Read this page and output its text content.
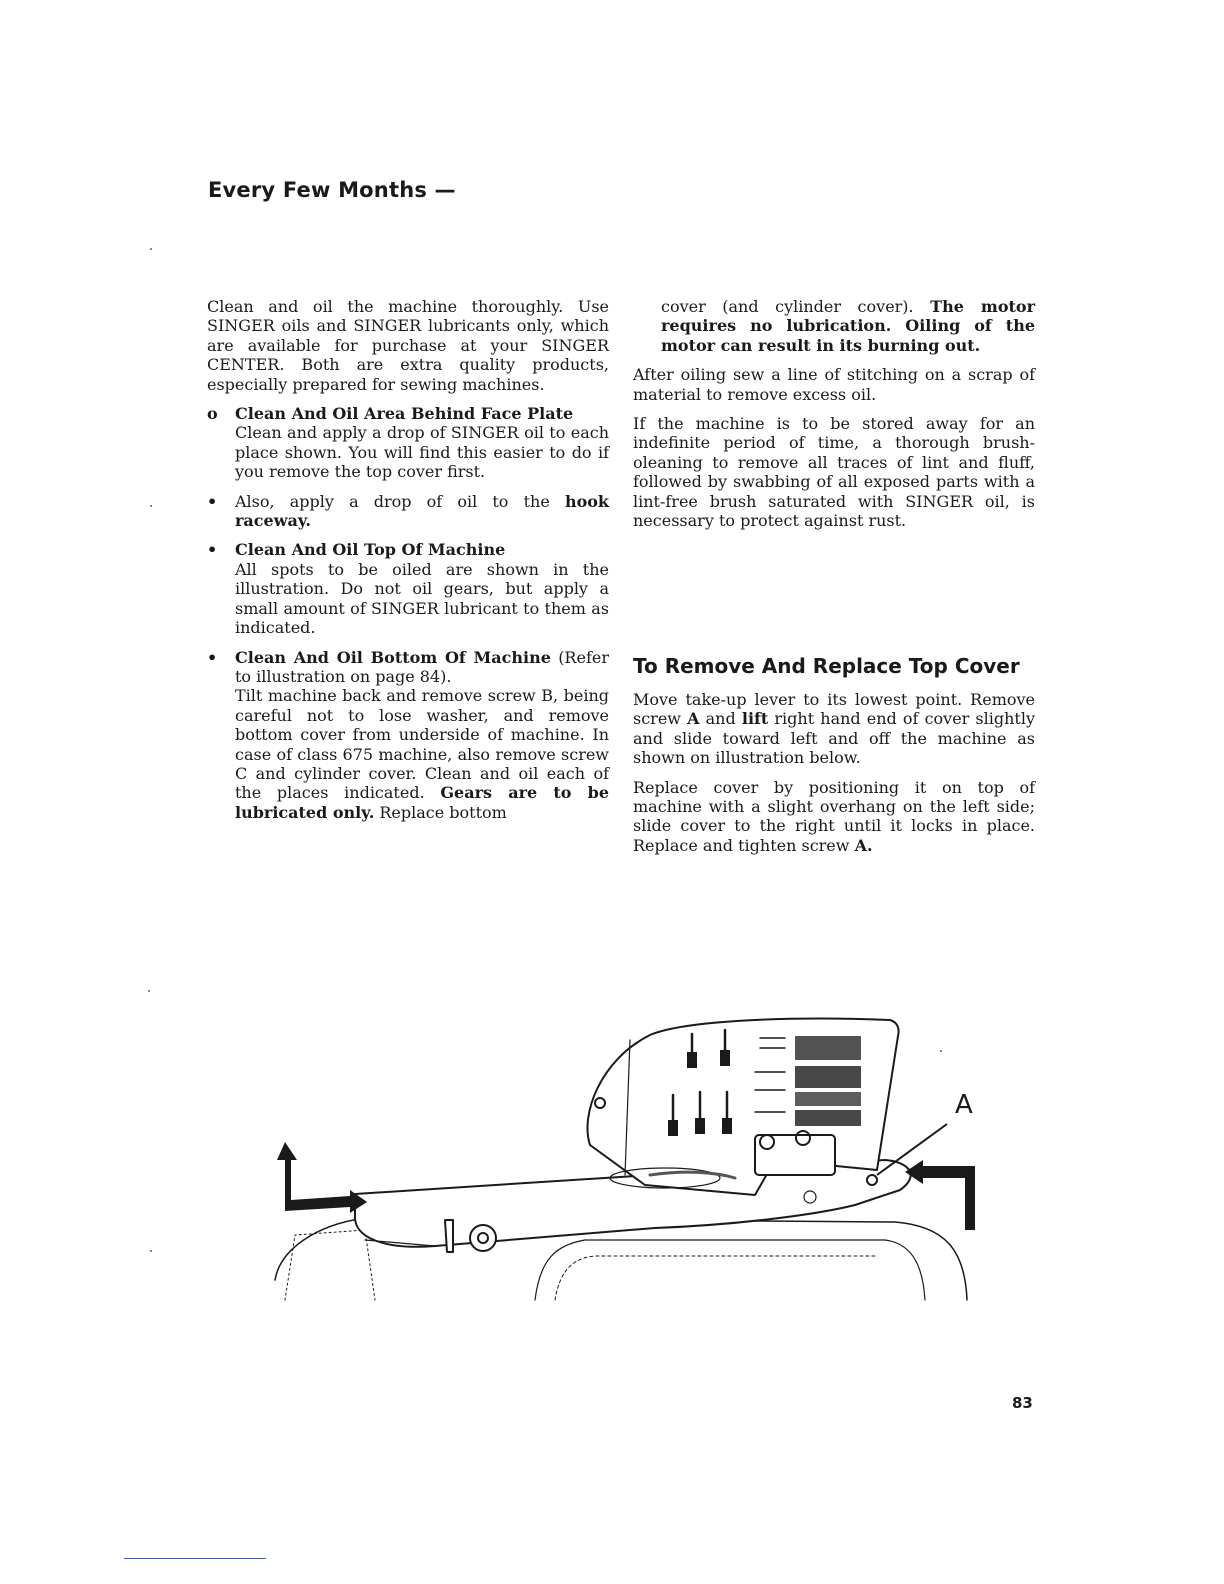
Every Few Months —

Clean and oil the machine thoroughly. Use SINGER oils and SINGER lubricants only, which are available for purchase at your SINGER CENTER. Both are extra quality products, especially prepared for sewing machines.

o	Clean And Oil Area Behind Face Plate
Clean and apply a drop of SINGER oil to each place shown. You will find this easier to do if you remove the top cover first.
•	Also, apply a drop of oil to the hook raceway.
•	Clean And Oil Top Of Machine
All spots to be oiled are shown in the illustration. Do not oil gears, but apply a small amount of SINGER lubricant to them as indicated.
•	Clean And Oil Bottom Of Machine (Refer to illustration on page 84).
Tilt machine back and remove screw B, being careful not to lose washer, and remove bottom cover from underside of machine. In case of class 675 machine, also remove screw C and cylinder cover. Clean and oil each of the places indicated. Gears are to be lubricated only. Replace bottom

cover (and cylinder cover). The motor requires no lubrication. Oiling of the motor can result in its burning out.

After oiling sew a line of stitching on a scrap of material to remove excess oil.

If the machine is to be stored away for an indefinite period of time, a thorough brush-oleaning to remove all traces of lint and fluff, followed by swabbing of all exposed parts with a lint-free brush saturated with SINGER oil, is necessary to protect against rust.

To Remove And Replace Top Cover

Move take-up lever to its lowest point. Remove screw A and lift right hand end of cover slightly and slide toward left and off the machine as shown on illustration below.

Replace cover by positioning it on top of machine with a slight overhang on the left side; slide cover to the right until it locks in place. Replace and tighten screw A.

A
83
